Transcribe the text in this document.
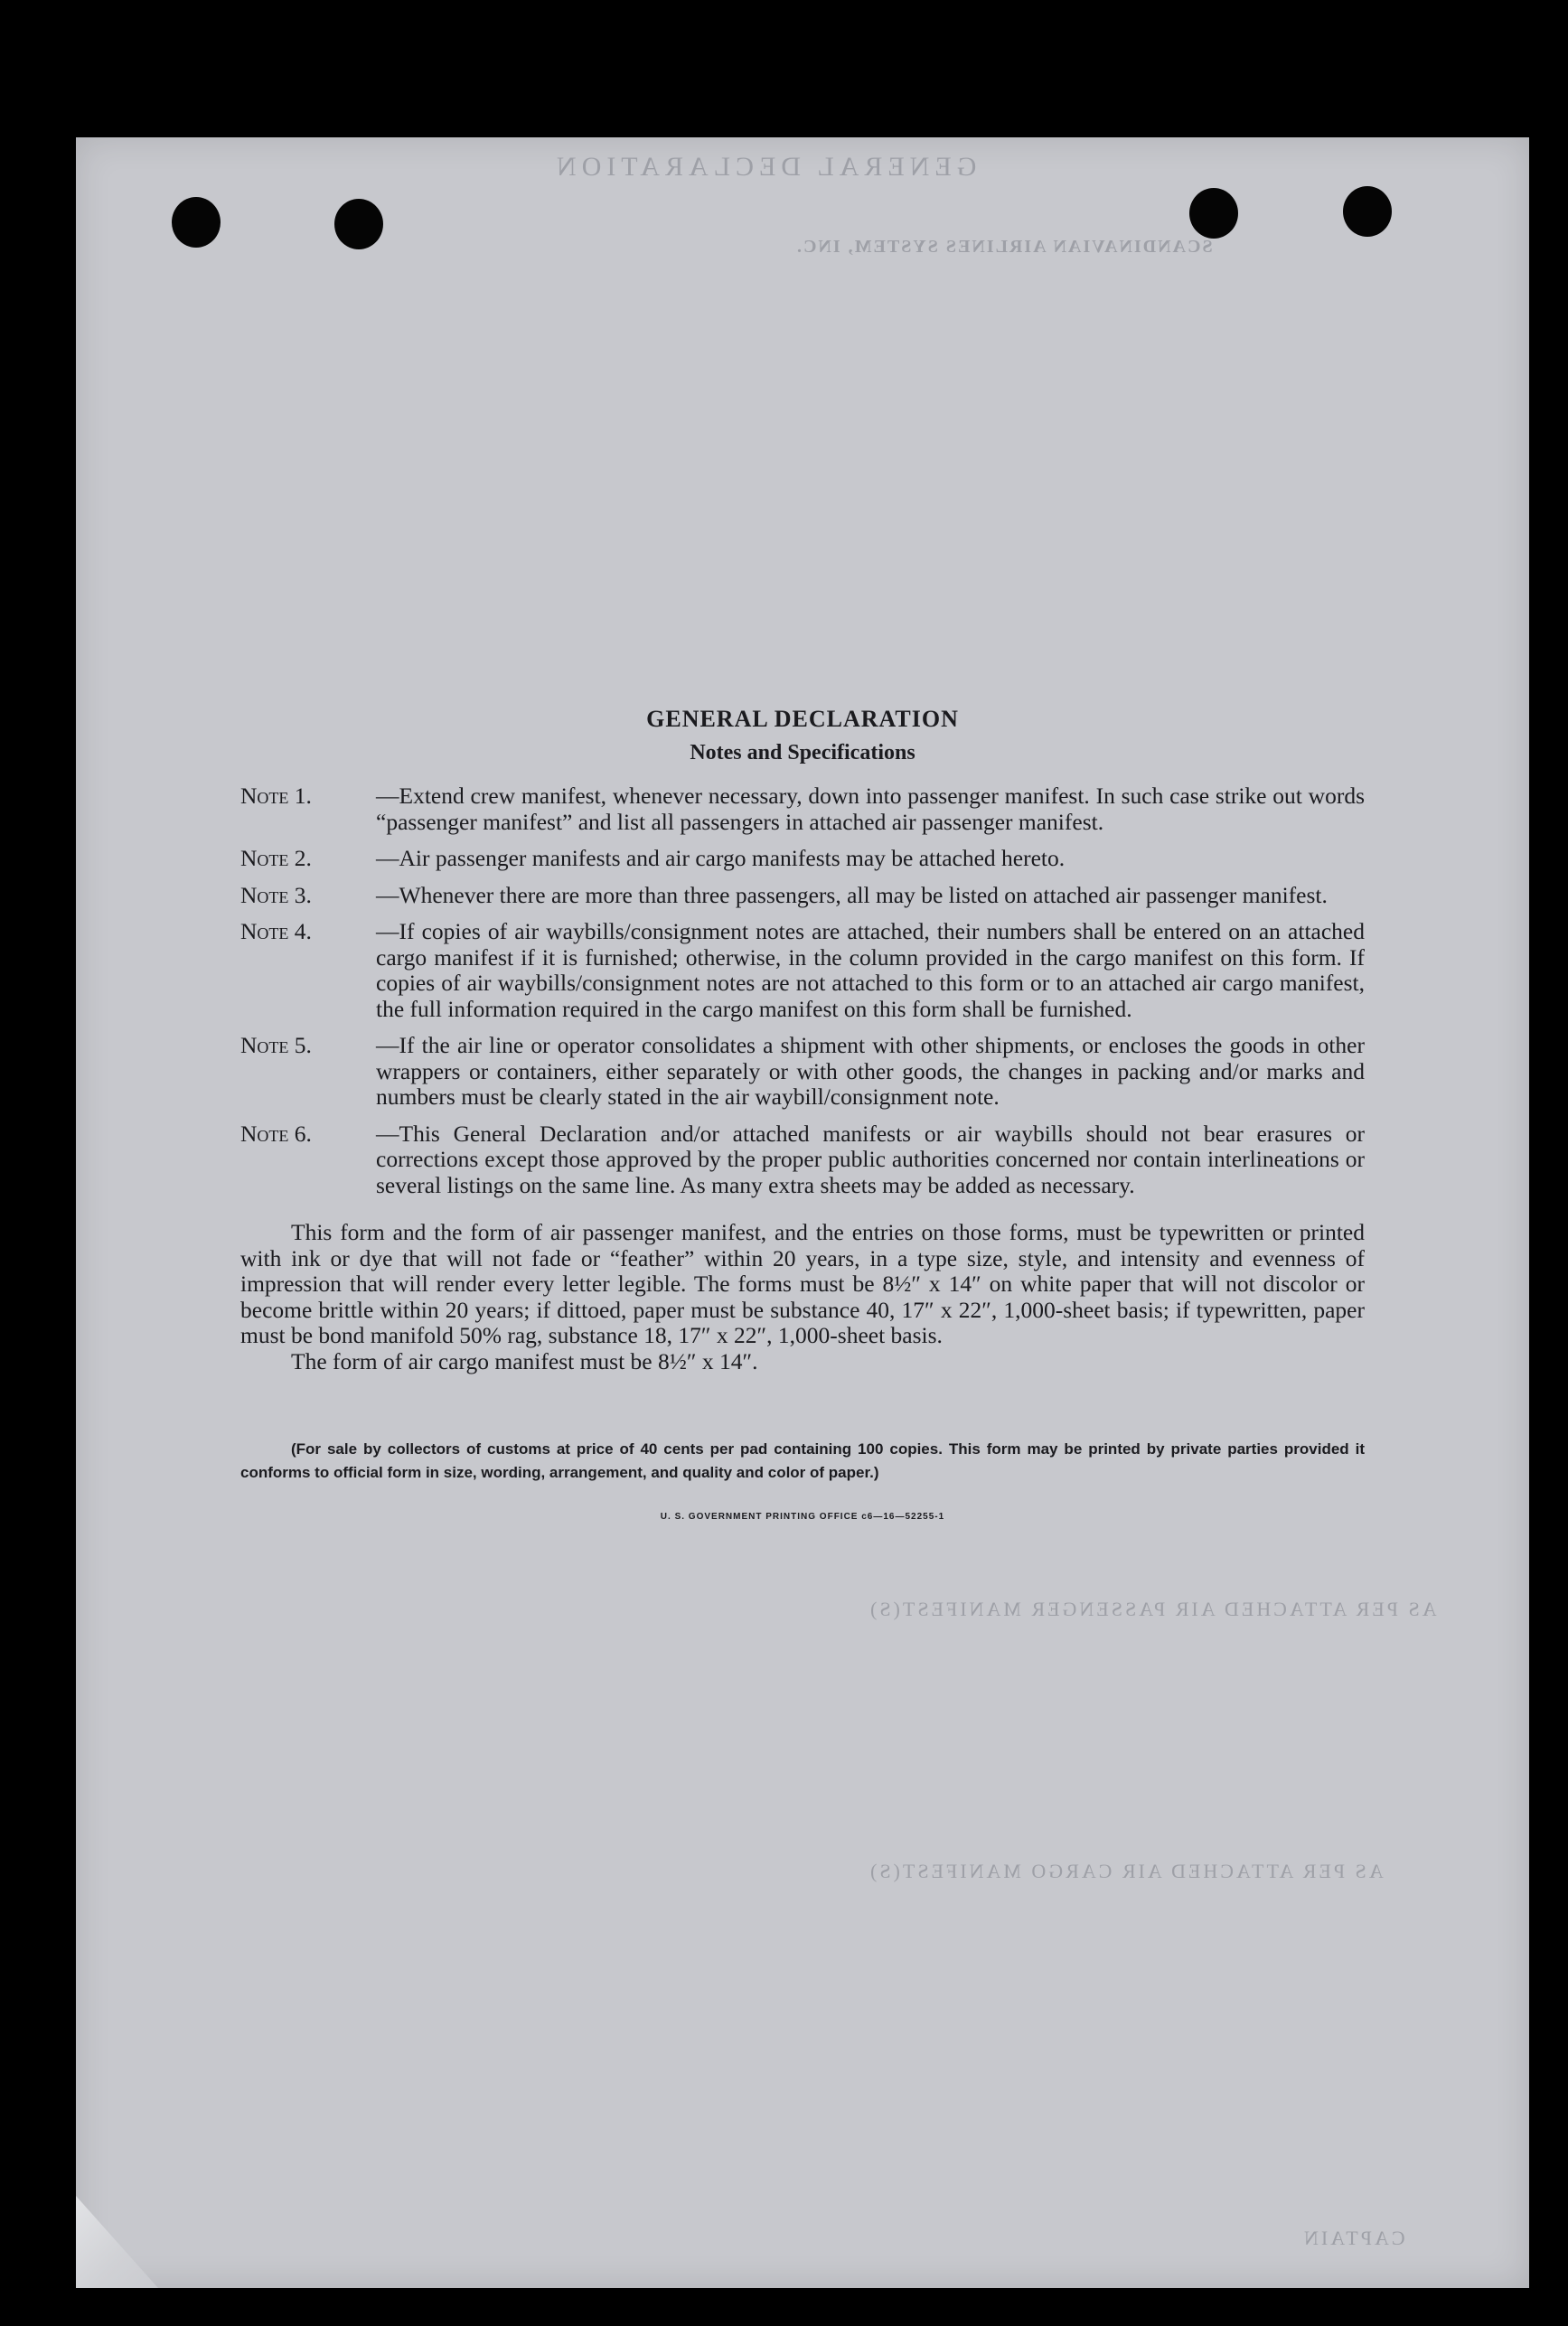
GENERAL DECLARATION
SCANDINAVIAN AIRLINES SYSTEM, INC.
AS PER ATTACHED AIR PASSENGER MANIFEST(S)
AS PER ATTACHED AIR CARGO MANIFEST(S)
CAPTAIN
GENERAL DECLARATION
Notes and Specifications
Note 1.	—Extend crew manifest, whenever necessary, down into passenger manifest. In such case strike out words “passenger manifest” and list all passengers in attached air passenger manifest.
Note 2.	—Air passenger manifests and air cargo manifests may be attached hereto.
Note 3.	—Whenever there are more than three passengers, all may be listed on attached air passenger manifest.
Note 4.	—If copies of air waybills/consignment notes are attached, their numbers shall be entered on an attached cargo manifest if it is furnished; otherwise, in the column provided in the cargo manifest on this form. If copies of air waybills/consignment notes are not attached to this form or to an attached air cargo manifest, the full information required in the cargo manifest on this form shall be furnished.
Note 5.	—If the air line or operator consolidates a shipment with other shipments, or encloses the goods in other wrappers or containers, either separately or with other goods, the changes in packing and/or marks and numbers must be clearly stated in the air waybill/consignment note.
Note 6.	—This General Declaration and/or attached manifests or air waybills should not bear erasures or corrections except those approved by the proper public authorities concerned nor contain interlineations or several listings on the same line. As many extra sheets may be added as necessary.

This form and the form of air passenger manifest, and the entries on those forms, must be typewritten or printed with ink or dye that will not fade or “feather” within 20 years, in a type size, style, and intensity and evenness of impression that will render every letter legible. The forms must be 8½″ x 14″ on white paper that will not discolor or become brittle within 20 years; if dittoed, paper must be substance 40, 17″ x 22″, 1,000-sheet basis; if typewritten, paper must be bond manifold 50% rag, substance 18, 17″ x 22″, 1,000-sheet basis.

The form of air cargo manifest must be 8½″ x 14″.

(For sale by collectors of customs at price of 40 cents per pad containing 100 copies. This form may be printed by private parties provided it conforms to official form in size, wording, arrangement, and quality and color of paper.)
U. S. GOVERNMENT PRINTING OFFICE c6—16—52255-1
